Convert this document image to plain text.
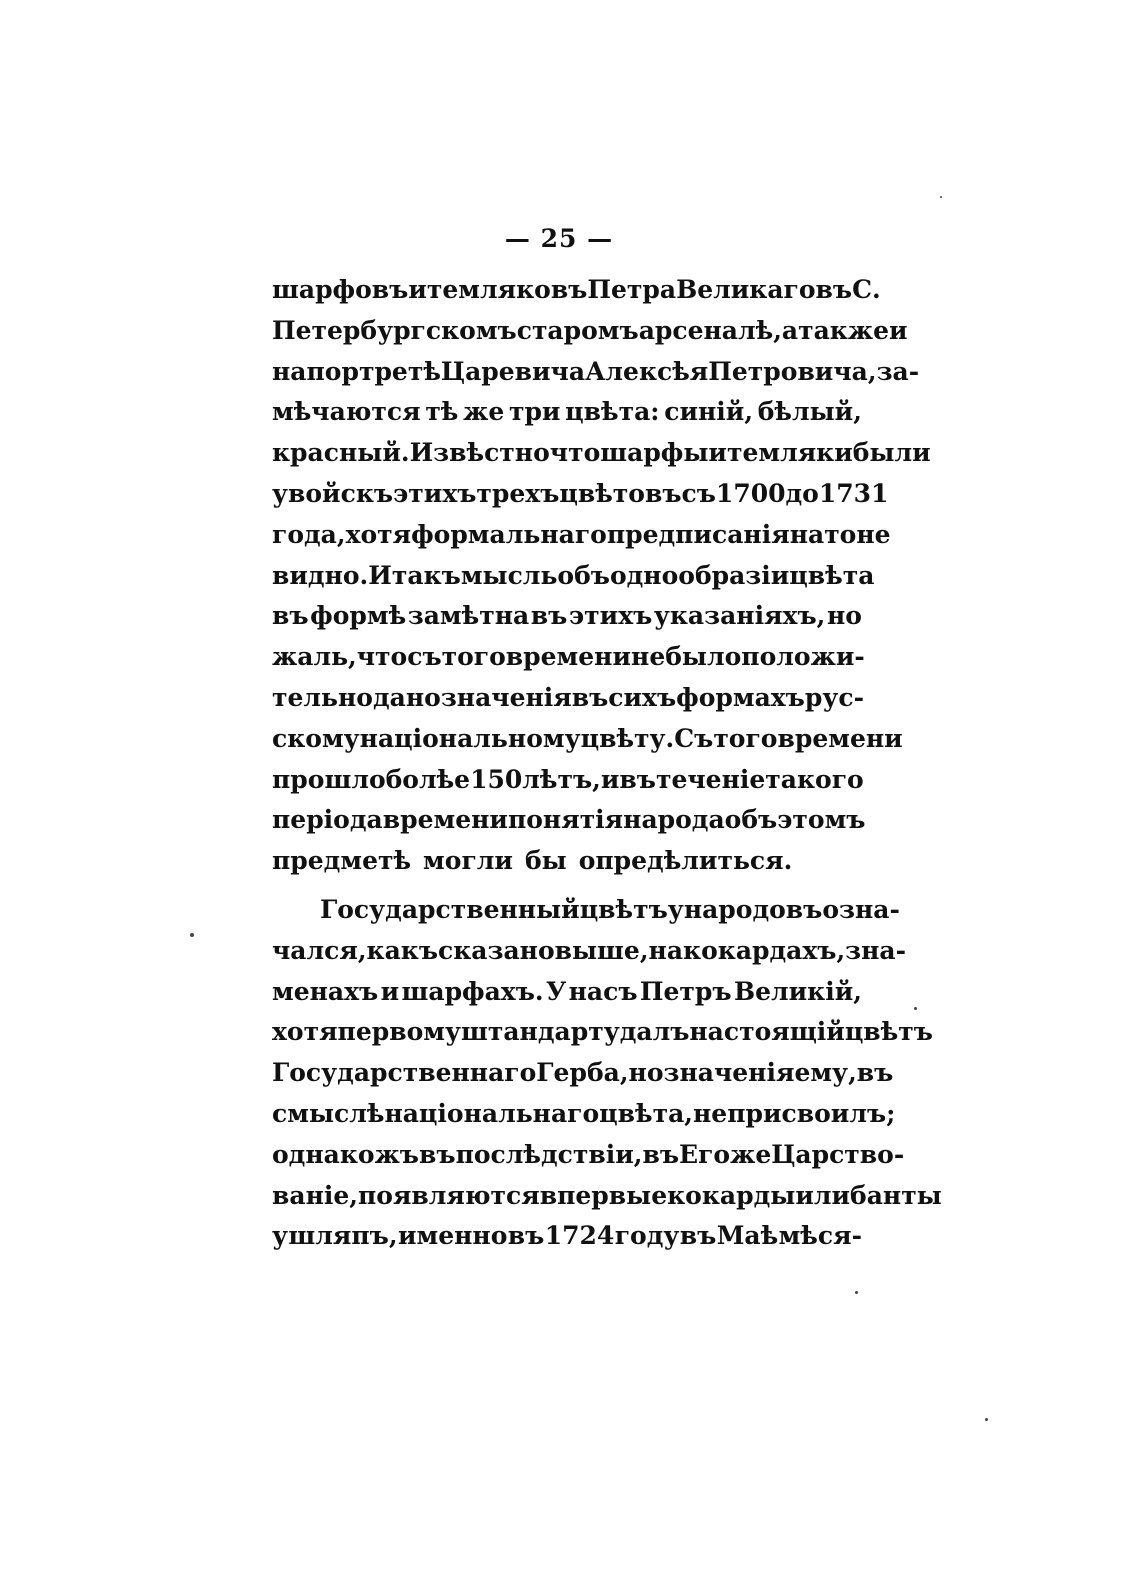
— 25 —
шарфовъ и темляковъ Петра Великаго въ С.
Петербургскомъ старомъ арсеналѣ, а также и
на портретѣ Царевича Алексѣя Петровича, за-
мѣчаются тѣ же три цвѣта: синій, бѣлый,
красный. Извѣстно что шарфы и темляки были
у войскъ этихъ трехъ цвѣтовъ съ 1700 до 1731
года, хотя формальнаго предписанія на то не
видно. И такъ мысль объ однообразіи цвѣта
въ формѣ замѣтна въ этихъ указаніяхъ, но
жаль, что съ того времени не было положи-
тельно дано значенія въ сихъ формахъ рус-
скому національному цвѣту. Съ того времени
прошло болѣе 150 лѣтъ, и въ теченіе такого
періода времени понятія народа объ этомъ
предметѣ могли бы опредѣлиться.
Государственный цвѣтъ у народовъ озна-
чался, какъ сказано выше, на кокардахъ, зна-
менахъ и шарфахъ. У насъ Петръ Великій,
хотя первому штандарту далъ настоящій цвѣтъ
Государственнаго Герба, но значенія ему, въ
смыслѣ національнаго цвѣта, не присвоилъ;
однакожъ въ послѣдствіи, въ Его же Царство-
ваніе, появляются впервые кокарды или банты
у шляпъ, именно въ 1724 году въ Маѣ мѣся-
